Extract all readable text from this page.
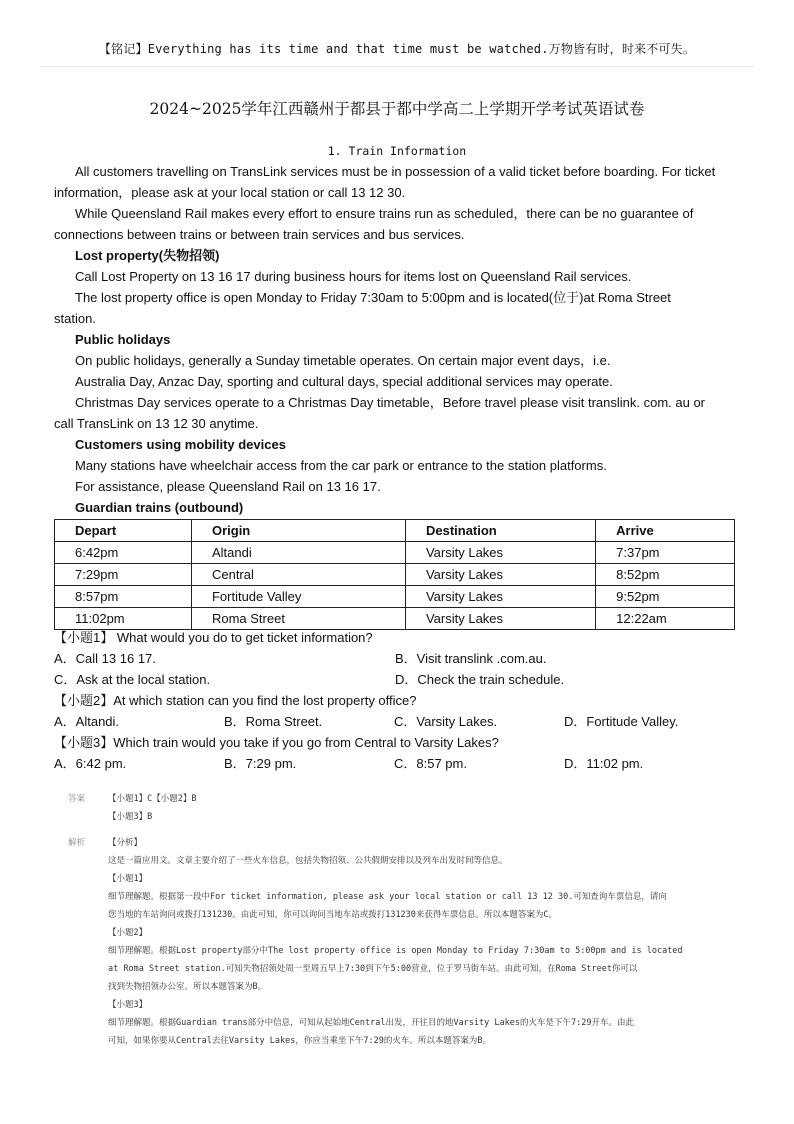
【铭记】Everything has its time and that time must be watched.万物皆有时，时来不可失。
2024~2025学年江西赣州于都县于都中学高二上学期开学考试英语试卷
1. Train Information

All customers travelling on TransLink services must be in possession of a valid ticket before boarding. For ticket information，please ask at your local station or call 13 12 30.

While Queensland Rail makes every effort to ensure trains run as scheduled，there can be no guarantee of connections between trains or between train services and bus services.

Lost property(失物招领)

Call Lost Property on 13 16 17 during business hours for items lost on Queensland Rail services.

The lost property office is open Monday to Friday 7:30am to 5:00pm and is located(位于)at Roma Street station.

Public holidays

On public holidays, generally a Sunday timetable operates. On certain major event days，i.e.

Australia Day, Anzac Day, sporting and cultural days, special additional services may operate.

Christmas Day services operate to a Christmas Day timetable，Before travel please visit translink. com. au or call TransLink on 13 12 30 anytime.

Customers using mobility devices

Many stations have wheelchair access from the car park or entrance to the station platforms.

For assistance, please Queensland Rail on 13 16 17.

Guardian trains (outbound)

Depart	Origin	Destination	Arrive
6:42pm	Altandi	Varsity Lakes	7:37pm
7:29pm	Central	Varsity Lakes	8:52pm
8:57pm	Fortitude Valley	Varsity Lakes	9:52pm
11:02pm	Roma Street	Varsity Lakes	12:22am

【小题1】 What would you do to get ticket information?

A．Call 13 16 17.	B．Visit translink .com.au.
C．Ask at the local station.	D．Check the train schedule.

【小题2】At which station can you find the lost property office?

A．Altandi.	B．Roma Street.	C．Varsity Lakes.	D．Fortitude Valley.

【小题3】Which train would you take if you go from Central to Varsity Lakes?

A．6:42 pm.	B．7:29 pm.	C．8:57 pm.	D．11:02 pm.
答案	【小题1】C【小题2】B

【小题3】B

解析	【分析】

这是一篇应用文。文章主要介绍了一些火车信息，包括失物招领、公共假期安排以及列车出发时间等信息。

【小题1】

细节理解题。根据第一段中For ticket information, please ask your local station or call 13 12 30.可知查询车票信息，请向

您当地的车站询问或拨打131230。由此可知，你可以询问当地车站或拨打131230来获得车票信息。所以本题答案为C。

【小题2】

细节理解题。根据Lost property部分中The lost property office is open Monday to Friday 7:30am to 5:00pm and is located

at Roma Street station.可知失物招领处周一至周五早上7:30到下午5:00营业，位于罗马街车站。由此可知，在Roma Street你可以

找到失物招领办公室。所以本题答案为B。

【小题3】

细节理解题。根据Guardian trans部分中信息，可知从起始地Central出发，开往目的地Varsity Lakes的火车是下午7:29开车。由此

可知，如果你要从Central去往Varsity Lakes，你应当乘坐下午7:29的火车。所以本题答案为B。
